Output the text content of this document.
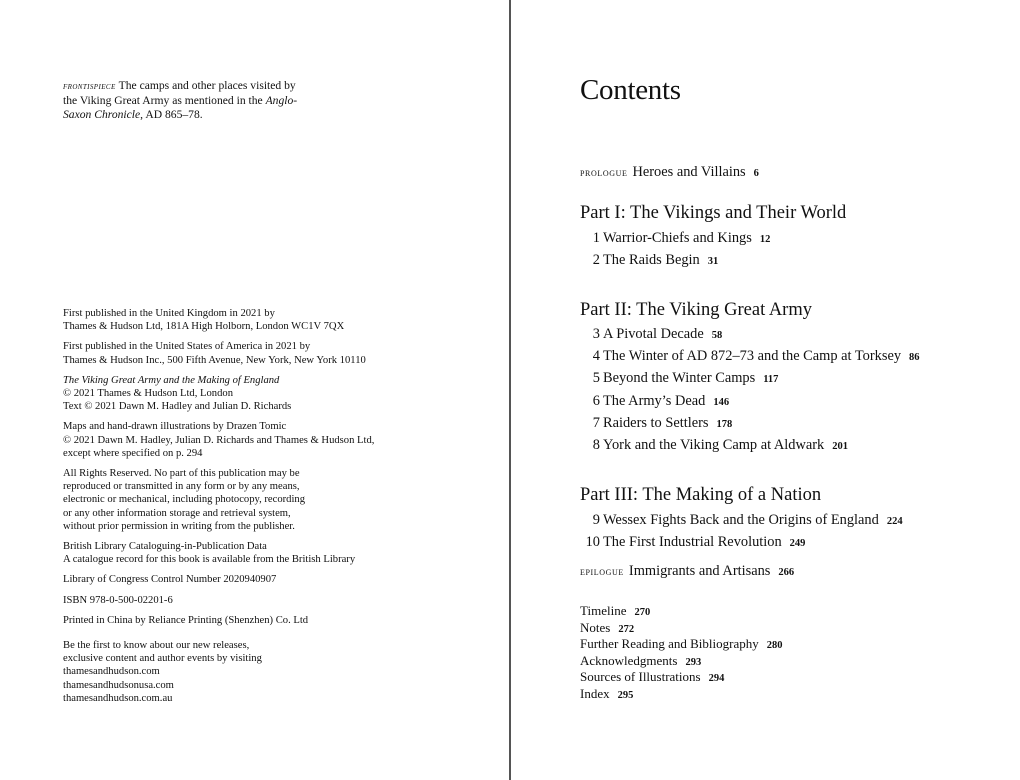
frontispiece The camps and other places visited by the Viking Great Army as mentioned in the Anglo-Saxon Chronicle, AD 865–78.

First published in the United Kingdom in 2021 by
Thames & Hudson Ltd, 181A High Holborn, London WC1V 7QX

First published in the United States of America in 2021 by
Thames & Hudson Inc., 500 Fifth Avenue, New York, New York 10110

The Viking Great Army and the Making of England
© 2021 Thames & Hudson Ltd, London
Text © 2021 Dawn M. Hadley and Julian D. Richards

Maps and hand-drawn illustrations by Drazen Tomic
© 2021 Dawn M. Hadley, Julian D. Richards and Thames & Hudson Ltd,
except where specified on p. 294

All Rights Reserved. No part of this publication may be
reproduced or transmitted in any form or by any means,
electronic or mechanical, including photocopy, recording
or any other information storage and retrieval system,
without prior permission in writing from the publisher.

British Library Cataloguing-in-Publication Data
A catalogue record for this book is available from the British Library

Library of Congress Control Number 2020940907

ISBN 978-0-500-02201-6

Printed in China by Reliance Printing (Shenzhen) Co. Ltd

Be the first to know about our new releases,
exclusive content and author events by visiting
thamesandhudson.com
thamesandhudsonusa.com
thamesandhudson.com.au

Contents
prologue Heroes and Villains 6
Part I: The Vikings and Their World
1 Warrior-Chiefs and Kings 12
2 The Raids Begin 31
Part II: The Viking Great Army
3 A Pivotal Decade 58
4 The Winter of AD 872–73 and the Camp at Torksey 86
5 Beyond the Winter Camps 117
6 The Army’s Dead 146
7 Raiders to Settlers 178
8 York and the Viking Camp at Aldwark 201
Part III: The Making of a Nation
9 Wessex Fights Back and the Origins of England 224
10 The First Industrial Revolution 249
epilogue Immigrants and Artisans 266
Timeline 270
Notes 272
Further Reading and Bibliography 280
Acknowledgments 293
Sources of Illustrations 294
Index 295
